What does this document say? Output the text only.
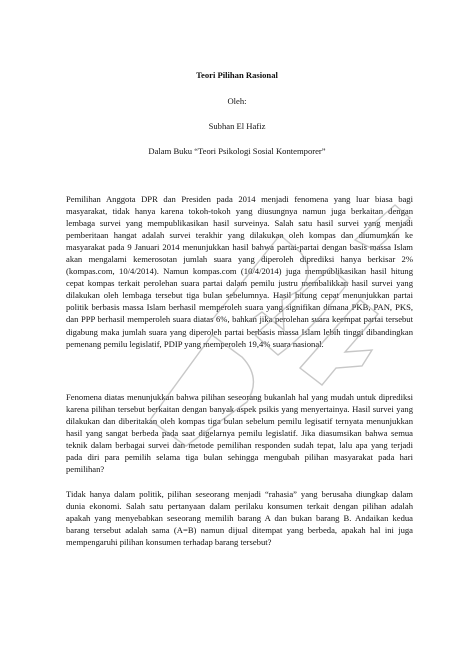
Teori Pilihan Rasional
Oleh:
Subhan El Hafiz
Dalam Buku “Teori Psikologi Sosial Kontemporer”

Pemilihan Anggota DPR dan Presiden pada 2014 menjadi fenomena yang luar biasa bagi masyarakat, tidak hanya karena tokoh-tokoh yang diusungnya namun juga berkaitan dengan lembaga survei yang mempublikasikan hasil surveinya. Salah satu hasil survei yang menjadi pemberitaan hangat adalah survei terakhir yang dilakukan oleh kompas dan diumumkan ke masyarakat pada 9 Januari 2014 menunjukkan hasil bahwa partai-partai dengan basis massa Islam akan mengalami kemerosotan jumlah suara yang diperoleh diprediksi hanya berkisar 2% (kompas.com, 10/4/2014). Namun kompas.com (10/4/2014) juga mempublikasikan hasil hitung cepat kompas terkait perolehan suara partai dalam pemilu justru membalikkan hasil survei yang dilakukan oleh lembaga tersebut tiga bulan sebelumnya. Hasil hitung cepat menunjukkan partai politik berbasis massa Islam berhasil memperoleh suara yang signifikan dimana PKB, PAN, PKS, dan PPP berhasil memperoleh suara diatas 6%, bahkan jika perolehan suara keempat partai tersebut digabung maka jumlah suara yang diperoleh partai berbasis massa Islam lebih tinggi dibandingkan pemenang pemilu legislatif, PDIP yang memperoleh 19,4% suara nasional.

Fenomena diatas menunjukkan bahwa pilihan seseorang bukanlah hal yang mudah untuk diprediksi karena pilihan tersebut berkaitan dengan banyak aspek psikis yang menyertainya. Hasil survei yang dilakukan dan diberitakan oleh kompas tiga bulan sebelum pemilu legisatif ternyata menunjukkan hasil yang sangat berbeda pada saat digelarnya pemilu legislatif. Jika diasumsikan bahwa semua teknik dalam berbagai survei dan metode pemilihan responden sudah tepat, lalu apa yang terjadi pada diri para pemilih selama tiga bulan sehingga mengubah pilihan masyarakat pada hari pemilihan?

Tidak hanya dalam politik, pilihan seseorang menjadi “rahasia” yang berusaha diungkap dalam dunia ekonomi. Salah satu pertanyaan dalam perilaku konsumen terkait dengan pilihan adalah apakah yang menyebabkan seseorang memilih barang A dan bukan barang B. Andaikan kedua barang tersebut adalah sama (A=B) namun dijual ditempat yang berbeda, apakah hal ini juga mempengaruhi pilihan konsumen terhadap barang tersebut?
